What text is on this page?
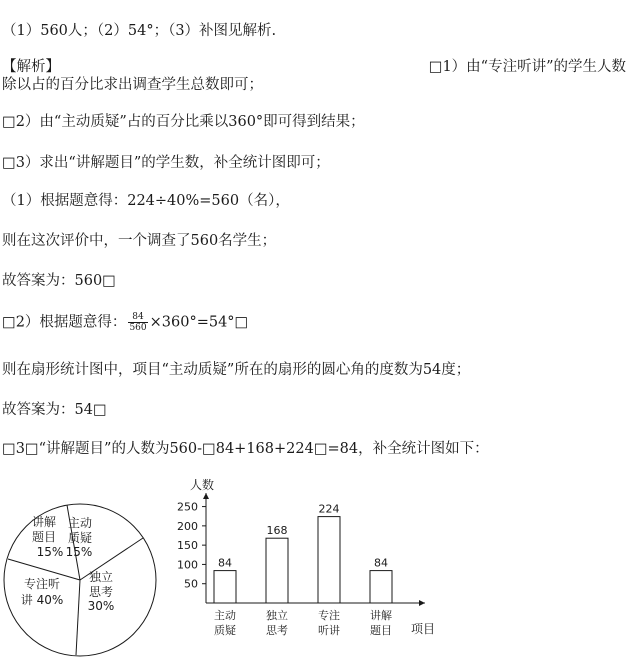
（1）560人；（2）54°；（3）补图见解析.
【解析】	□1）由“专注听讲”的学生人数
除以占的百分比求出调查学生总数即可；
□2）由“主动质疑”占的百分比乘以360°即可得到结果；
□3）求出“讲解题目”的学生数，补全统计图即可；
（1）根据题意得：224÷40%=560（名），
则在这次评价中，一个调查了560名学生；
故答案为：560□
□2）根据题意得： $\frac{84}{560}$ ×360°=54°□
则在扇形统计图中，项目“主动质疑”所在的扇形的圆心角的度数为54度；
故答案为：54□
□3□“讲解题目”的人数为560-□84+168+224□=84，补全统计图如下：
讲解
题目
15%
主动
质疑
15%
独立
思考
30%
专注听
讲 40%
人数
项目
50
100
150
200
250
84
主动
质疑
168
独立
思考
224
专注
听讲
84
讲解
题目
